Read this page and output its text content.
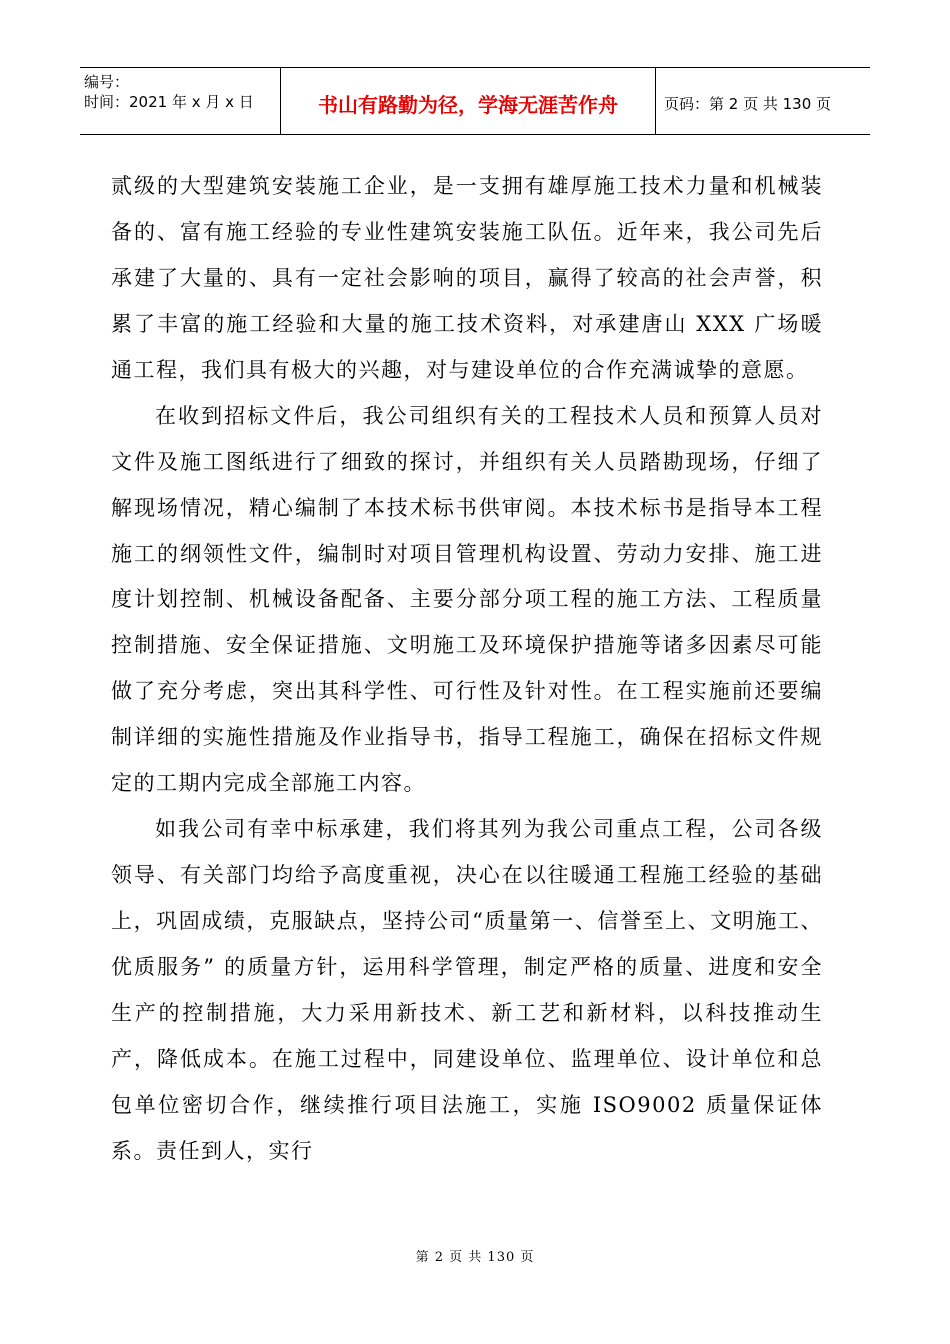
编号：
时间：2021 年 x 月 x 日	书山有路勤为径，学海无涯苦作舟	页码：第 2 页 共 130 页

贰级的大型建筑安装施工企业，是一支拥有雄厚施工技术力量和机械装备的、富有施工经验的专业性建筑安装施工队伍。近年来，我公司先后承建了大量的、具有一定社会影响的项目，赢得了较高的社会声誉，积累了丰富的施工经验和大量的施工技术资料，对承建唐山 XXX 广场暖通工程，我们具有极大的兴趣，对与建设单位的合作充满诚挚的意愿。

在收到招标文件后，我公司组织有关的工程技术人员和预算人员对文件及施工图纸进行了细致的探讨，并组织有关人员踏勘现场，仔细了解现场情况，精心编制了本技术标书供审阅。本技术标书是指导本工程施工的纲领性文件，编制时对项目管理机构设置、劳动力安排、施工进度计划控制、机械设备配备、主要分部分项工程的施工方法、工程质量控制措施、安全保证措施、文明施工及环境保护措施等诸多因素尽可能做了充分考虑，突出其科学性、可行性及针对性。在工程实施前还要编制详细的实施性措施及作业指导书，指导工程施工，确保在招标文件规定的工期内完成全部施工内容。

如我公司有幸中标承建，我们将其列为我公司重点工程，公司各级领导、有关部门均给予高度重视，决心在以往暖通工程施工经验的基础上，巩固成绩，克服缺点，坚持公司“质量第一、信誉至上、文明施工、优质服务” 的质量方针，运用科学管理，制定严格的质量、进度和安全生产的控制措施，大力采用新技术、新工艺和新材料，以科技推动生产，降低成本。在施工过程中，同建设单位、监理单位、设计单位和总包单位密切合作，继续推行项目法施工，实施 ISO9002 质量保证体系。责任到人，实行

第 2 页 共 130 页
